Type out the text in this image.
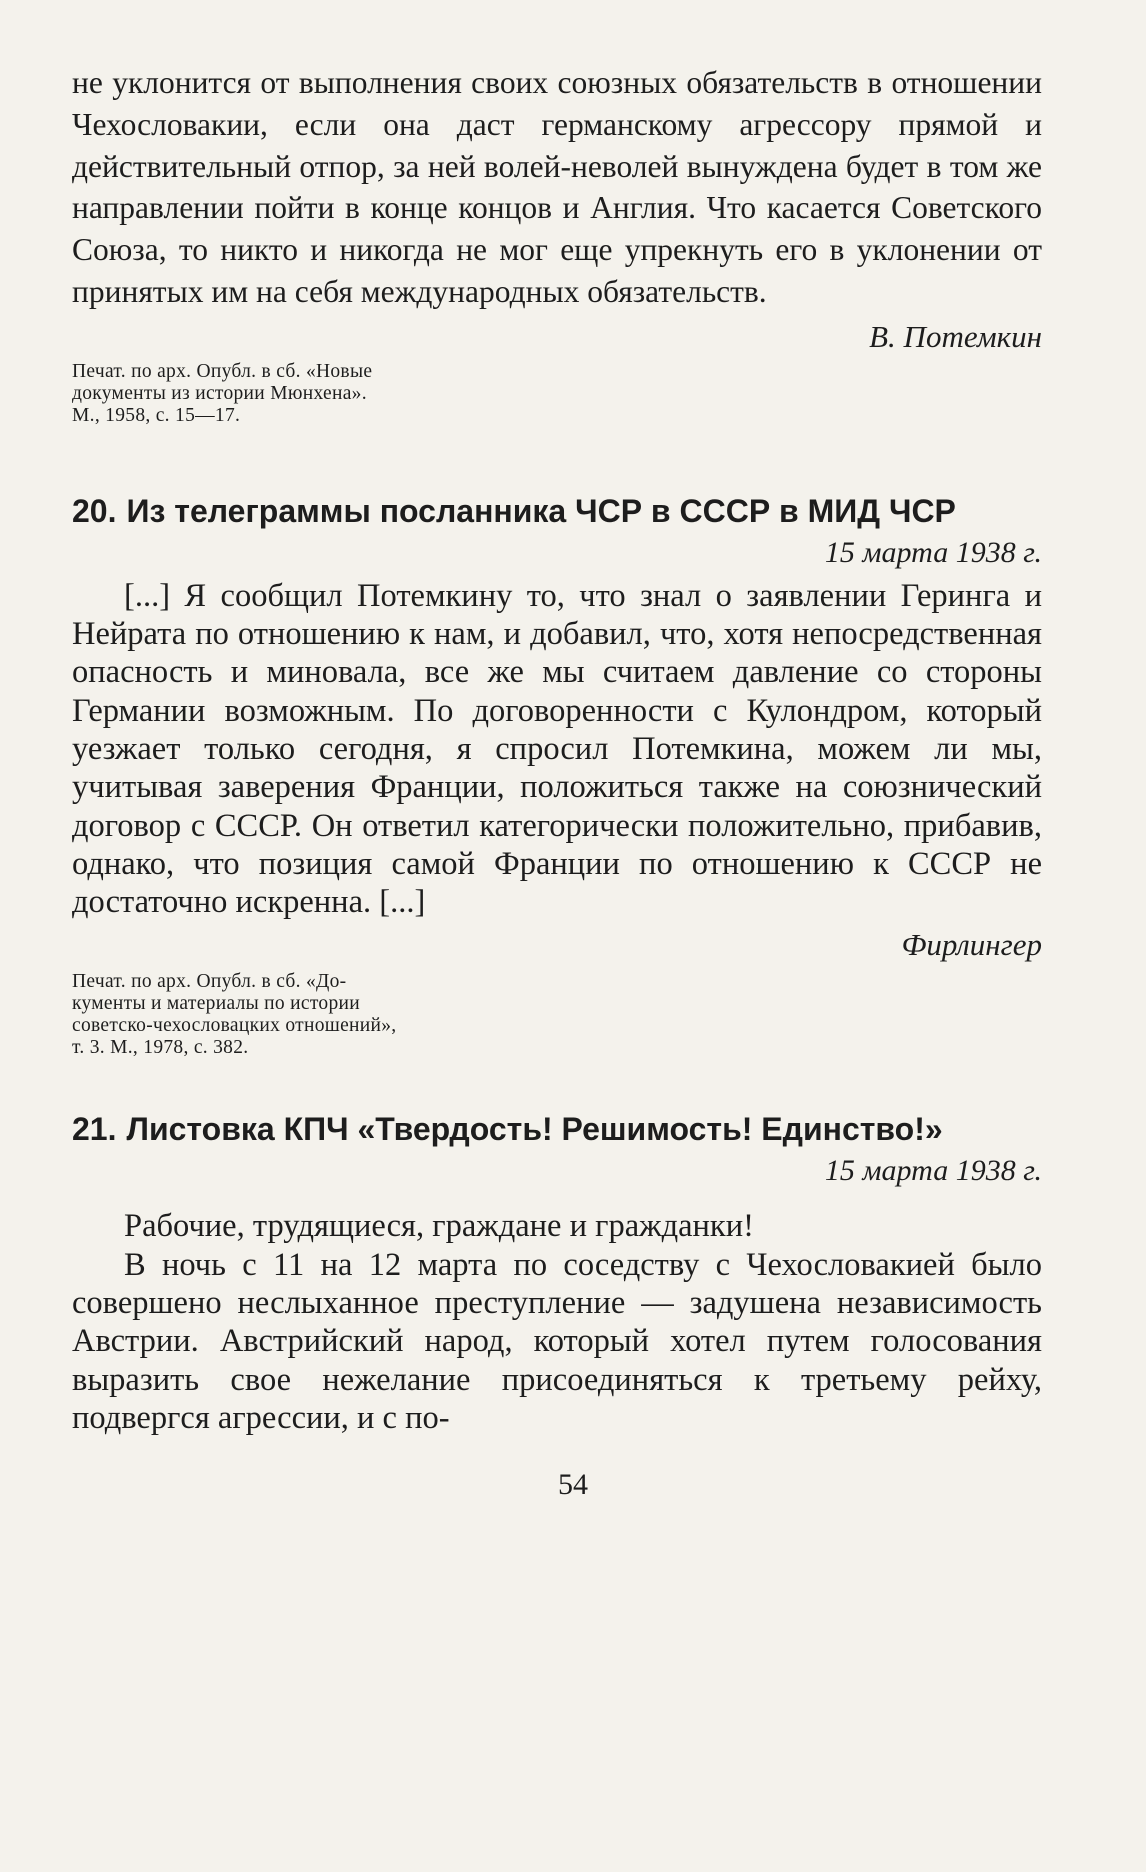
не уклонится от выполнения своих союзных обязательств в отношении Чехословакии, если она даст германскому агрессору прямой и действительный отпор, за ней волей-неволей вынуждена будет в том же направлении пойти в конце концов и Англия. Что касается Советского Союза, то никто и никогда не мог еще упрекнуть его в уклонении от принятых им на себя международных обязательств.

В. Потемкин
Печат. по арх. Опубл. в сб. «Новые
документы из истории Мюнхена».
М., 1958, с. 15—17.
20. Из телеграммы посланника ЧСР в СССР в МИД ЧСР
15 марта 1938 г.

[...] Я сообщил Потемкину то, что знал о заявлении Геринга и Нейрата по отношению к нам, и добавил, что, хотя непосредственная опасность и миновала, все же мы считаем давление со стороны Германии возможным. По договоренности с Кулондром, который уезжает только сегодня, я спросил Потемкина, можем ли мы, учитывая заверения Франции, положиться также на союзнический договор с СССР. Он ответил категорически положительно, прибавив, однако, что позиция самой Франции по отношению к СССР не достаточно искренна. [...]

Фирлингер
Печат. по арх. Опубл. в сб. «До-
кументы и материалы по истории
советско-чехословацких отношений»,
т. 3. М., 1978, с. 382.
21. Листовка КПЧ «Твердость! Решимость! Единство!»
15 марта 1938 г.

Рабочие, трудящиеся, граждане и гражданки!

В ночь с 11 на 12 марта по соседству с Чехословакией было совершено неслыханное преступление — задушена независимость Австрии. Австрийский народ, который хотел путем голосования выразить свое нежелание присоединяться к третьему рейху, подвергся агрессии, и с по-

54
